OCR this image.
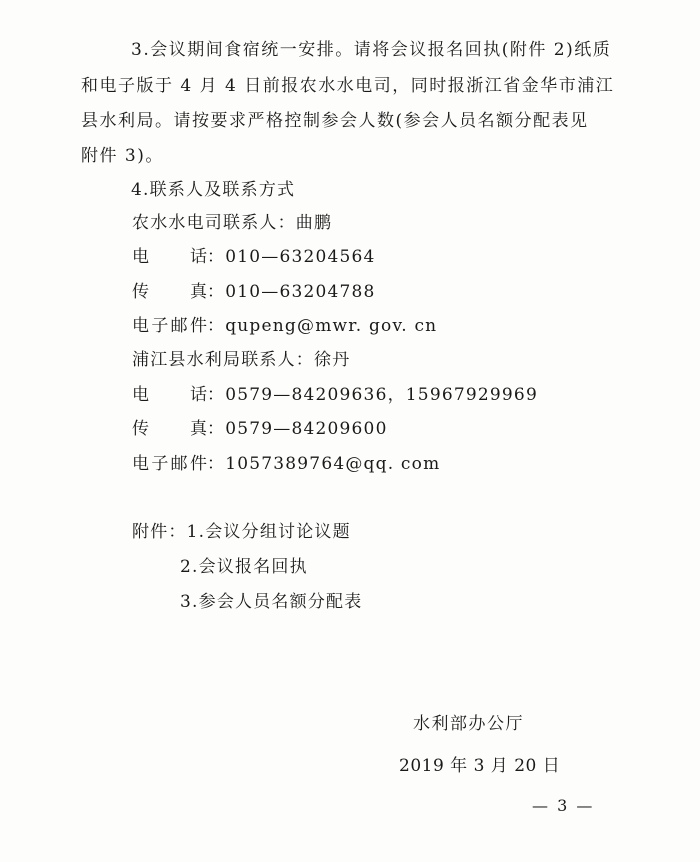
3.会议期间食宿统一安排。请将会议报名回执(附件 2)纸质
和电子版于 4 月 4 日前报农水水电司，同时报浙江省金华市浦江
县水利局。请按要求严格控制参会人数(参会人员名额分配表见
附件 3)。
4.联系人及联系方式
农水水电司联系人：曲鹏
电　　话 ：010—63204564
传　　真 ：010—63204788
电子邮件 ：qupeng@mwr. gov. cn
浦江县水利局联系人：徐丹
电　　话 ：0579—84209636，15967929969
传　　真 ：0579—84209600
电子邮件 ：1057389764@qq. com
附件：1.会议分组讨论议题
2.会议报名回执
3.参会人员名额分配表
水利部办公厅
2019 年 3 月 20 日
— 3 —
